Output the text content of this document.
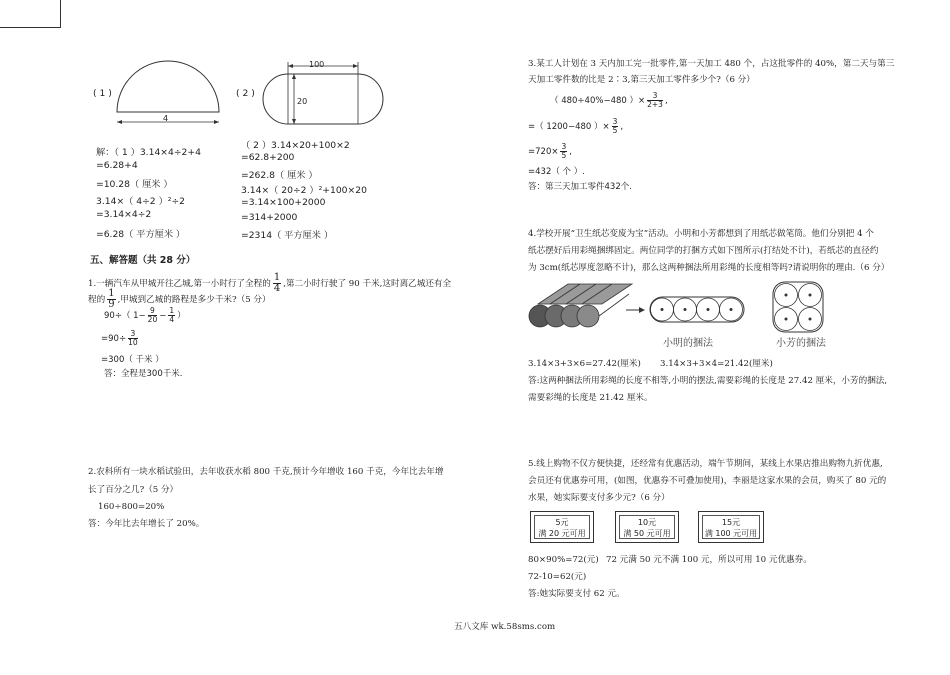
( 1 )
4
( 2 )
100
20
解：（ 1 ）3.14×4÷2+4
=6.28+4
=10.28（ 厘米 ）
3.14×（ 4÷2 ）²÷2
=3.14×4÷2
=6.28（ 平方厘米 ）
（ 2 ）3.14×20+100×2
=62.8+200
=262.8（ 厘米 ）
3.14×（ 20÷2 ）²+100×20
=3.14×100+2000
=314+2000
=2314（ 平方厘米 ）
五、解答题（共 28 分）
1.一辆汽车从甲城开往乙城,第一小时行了全程的 $\frac{1}{4}$ ,第二小时行驶了 90 千米,这时离乙城还有全
程的 $\frac{1}{9}$ ,甲城到乙城的路程是多少千米?（5 分）
90÷（ $1- \frac{9}{20} - \frac{1}{4}$ ）
$=90\div \frac{3}{10}$
=300（ 千米 ）
答：全程是300千米.
2.农科所有一块水稻试验田，去年收获水稻 800 千克,预计今年增收 160 千克，今年比去年增
长了百分之几?（5 分）
160÷800=20%
答：今年比去年增长了 20%。
3.某工人计划在 3 天内加工完一批零件,第一天加工 480 个，占这批零件的 40%，第二天与第三
天加工零件数的比是 2∶3,第三天加工零件多少个?（6 分）
（ 480÷40%−480 ）× $\frac{3}{2+3}$ ,
=（ 1200−480 ）× $\frac{3}{5}$ ,
$=720\times \frac{3}{5}$ ,
=432（ 个 ）.
答：第三天加工零件432个.
4.学校开展“卫生纸芯变废为宝”活动。小明和小芳都想到了用纸芯做笔筒。他们分别把 4 个
纸芯摆好后用彩绳捆绑固定。两位同学的打捆方式如下图所示(打结处不计)，若纸芯的直径约
为 3cm(纸芯厚度忽略不计)，那么这两种捆法所用彩绳的长度相等吗?请说明你的理由.（6 分）
小明的捆法	小芳的捆法
3.14×3+3×6=27.42(厘米) 3.14×3+3×4=21.42(厘米)
答:这两种捆法所用彩绳的长度不相等,小明的摆法,需要彩绳的长度是 27.42 厘米，小芳的捆法,
需要彩绳的长度是 21.42 厘米。
5.线上购物不仅方便快捷，还经常有优惠活动，端午节期间，某线上水果店推出购物九折优惠,
会员还有优惠券可用，(如图，优惠券不可叠加使用)，李丽是这家水果的会员，购买了 80 元的
水果，她实际要支付多少元?（6 分）
5元
满 20 元可用
10元
满 50 元可用
15元
满 100 元可用
80×90%=72(元) 72 元满 50 元不满 100 元，所以可用 10 元优惠券。
72-10=62(元)
答:她实际要支付 62 元。
五八文库 wk.58sms.com
